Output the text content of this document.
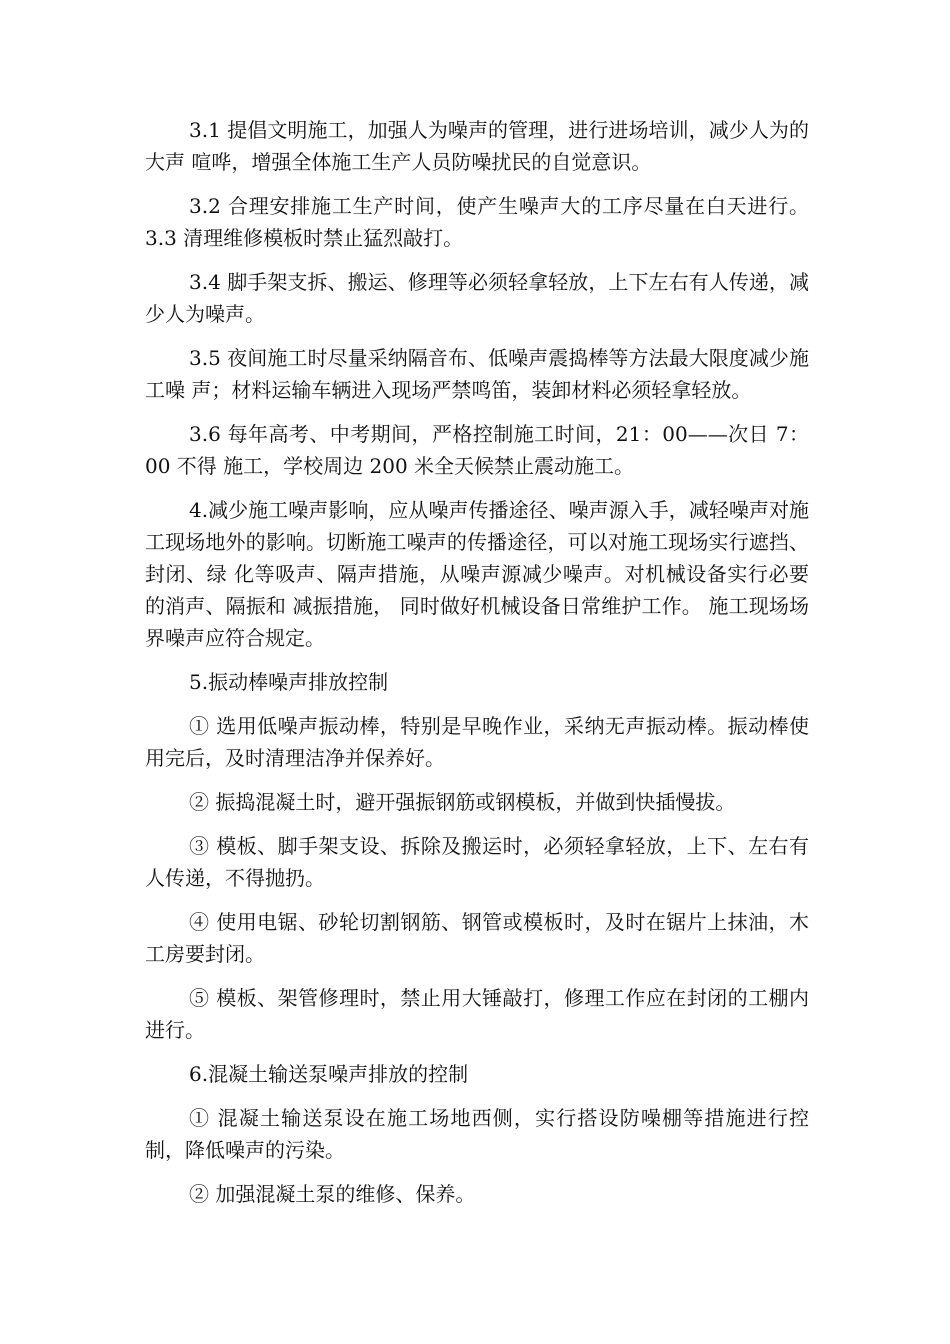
3.1 提倡文明施工，加强人为噪声的管理，进行进场培训，减少人为的大声 喧哗，增强全体施工生产人员防噪扰民的自觉意识。

3.2 合理安排施工生产时间，使产生噪声大的工序尽量在白天进行。 3.3 清理维修模板时禁止猛烈敲打。

3.4 脚手架支拆、搬运、修理等必须轻拿轻放，上下左右有人传递，减少人为噪声。

3.5 夜间施工时尽量采纳隔音布、低噪声震捣棒等方法最大限度减少施工噪 声；材料运输车辆进入现场严禁鸣笛，装卸材料必须轻拿轻放。

3.6 每年高考、中考期间，严格控制施工时间，21：00——次日 7：00 不得 施工，学校周边 200 米全天候禁止震动施工。

4.减少施工噪声影响，应从噪声传播途径、噪声源入手，减轻噪声对施工现场地外的影响。切断施工噪声的传播途径，可以对施工现场实行遮挡、封闭、绿 化等吸声、隔声措施，从噪声源减少噪声。对机械设备实行必要的消声、隔振和 减振措施， 同时做好机械设备日常维护工作。 施工现场场界噪声应符合规定。

5.振动棒噪声排放控制

① 选用低噪声振动棒，特别是早晚作业，采纳无声振动棒。振动棒使用完后，及时清理洁净并保养好。

② 振捣混凝土时，避开强振钢筋或钢模板，并做到快插慢拔。

③ 模板、脚手架支设、拆除及搬运时，必须轻拿轻放，上下、左右有人传递，不得抛扔。

④ 使用电锯、砂轮切割钢筋、钢管或模板时，及时在锯片上抹油，木工房要封闭。

⑤ 模板、架管修理时，禁止用大锤敲打，修理工作应在封闭的工棚内进行。

6.混凝土输送泵噪声排放的控制

① 混凝土输送泵设在施工场地西侧，实行搭设防噪棚等措施进行控制，降低噪声的污染。

② 加强混凝土泵的维修、保养。
